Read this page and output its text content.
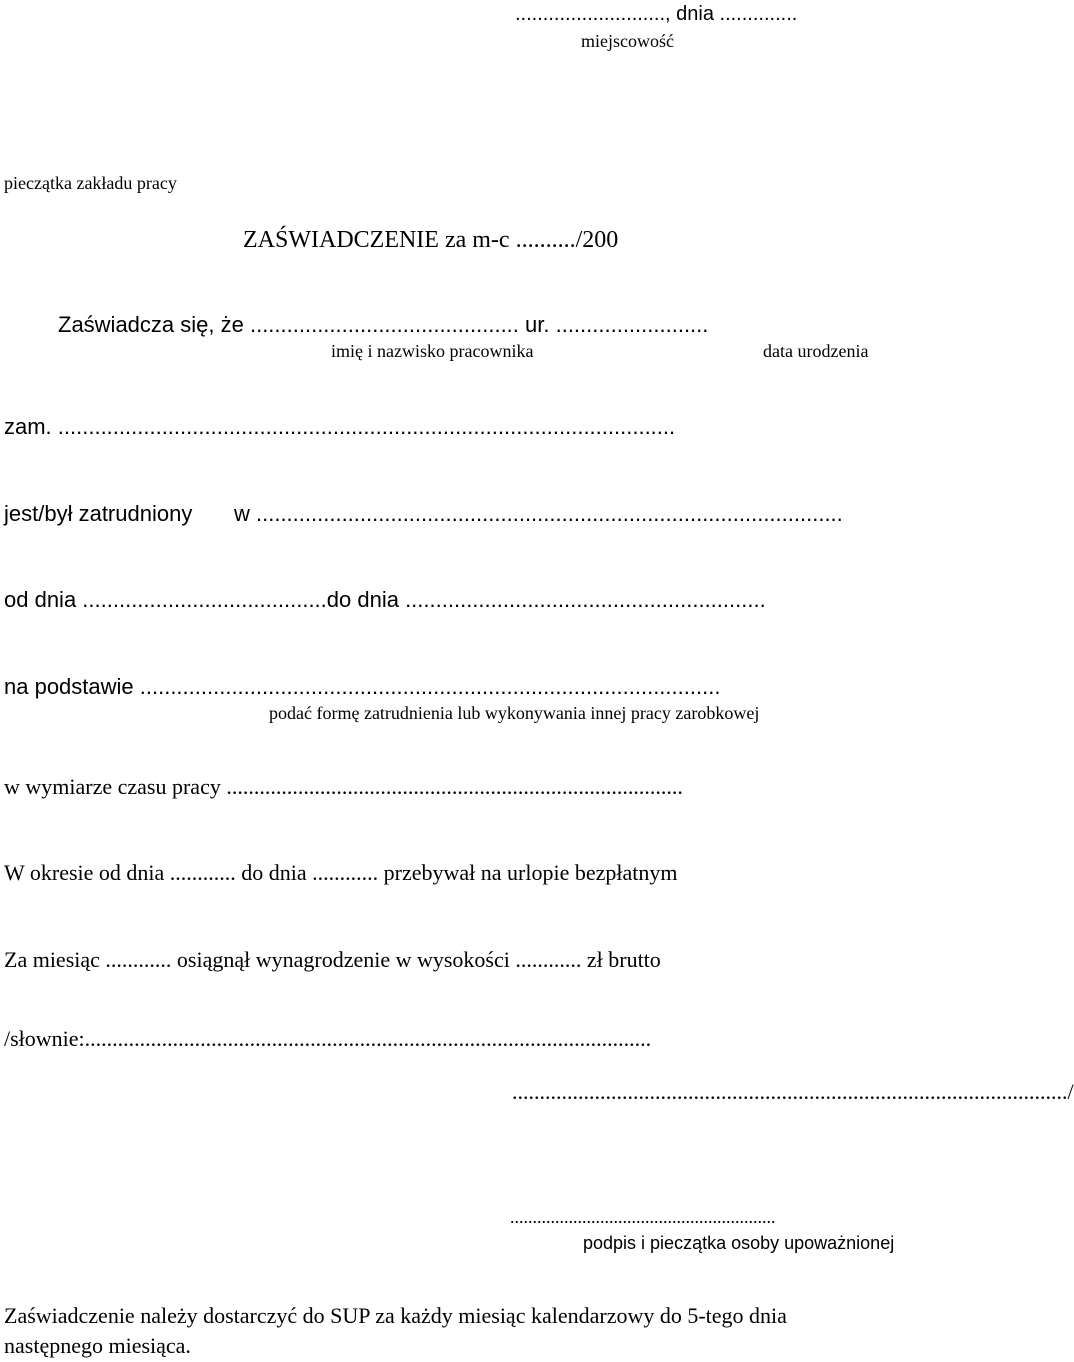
..........................., dnia ..............
miejscowość
pieczątka zakładu pracy
ZAŚWIADCZENIE za m-c ........../200
Zaświadcza się, że ............................................ ur. .........................
imię i nazwisko pracownika	data urodzenia
zam. .....................................................................................................
jest/był zatrudniony w ................................................................................................
od dnia ........................................do dnia ...........................................................
na podstawie ...............................................................................................
podać formę zatrudnienia lub wykonywania innej pracy zarobkowej
w wymiarze czasu pracy ...................................................................................
W okresie od dnia ............ do dnia ............ przebywał na urlopie bezpłatnym
Za miesiąc ............ osiągnął wynagrodzenie w wysokości ............ zł brutto
/słownie:.......................................................................................................
...................................................................................................../
...........................................................
podpis i pieczątka osoby upoważnionej
Zaświadczenie należy dostarczyć do SUP za każdy miesiąc kalendarzowy do 5-tego dnia
następnego miesiąca.
